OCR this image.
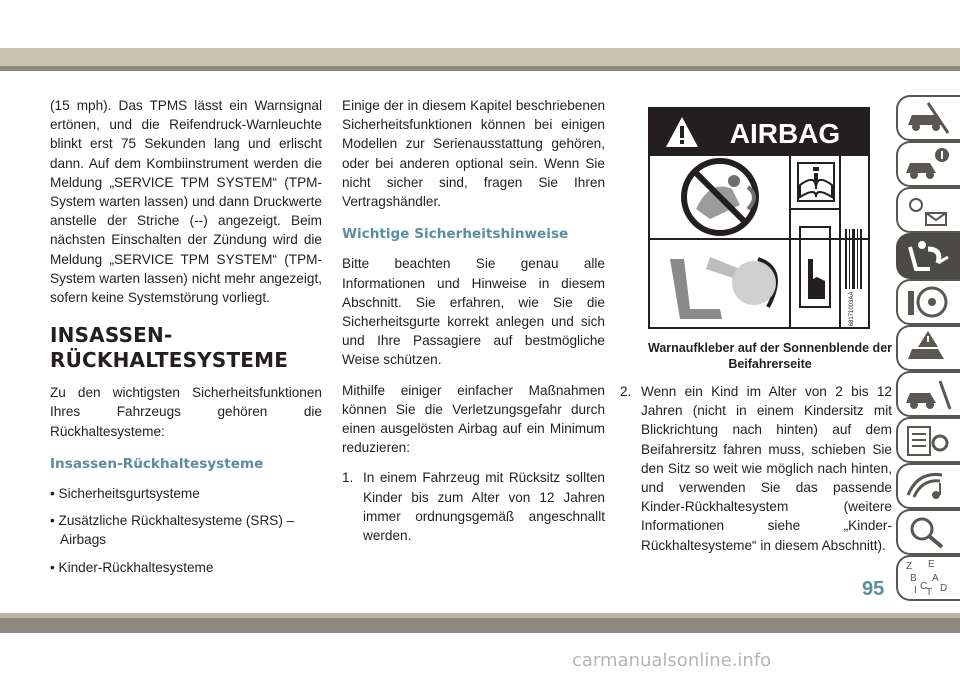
(15 mph). Das TPMS lässt ein Warnsignal ertönen, und die Reifendruck-Warnleuchte blinkt erst 75 Sekunden lang und erlischt dann. Auf dem Kombiinstrument werden die Meldung „SERVICE TPM SYSTEM“ (TPM-System warten lassen) und dann Druckwerte anstelle der Striche (--) angezeigt. Beim nächsten Einschalten der Zündung wird die Meldung „SERVICE TPM SYSTEM“ (TPM-System warten lassen) nicht mehr angezeigt, sofern keine Systemstörung vorliegt.

INSASSEN-
RÜCKHALTESYSTEME

Zu den wichtigsten Sicherheitsfunktionen Ihres Fahrzeugs gehören die Rückhaltesysteme:

Insassen-Rückhaltesysteme
• Sicherheitsgurtsysteme
• Zusätzliche Rückhaltesysteme (SRS) – Airbags
• Kinder-Rückhaltesysteme

Einige der in diesem Kapitel beschriebenen Sicherheitsfunktionen können bei einigen Modellen zur Serienausstattung gehören, oder bei anderen optional sein. Wenn Sie nicht sicher sind, fragen Sie Ihren Vertragshändler.

Wichtige Sicherheitshinweise

Bitte beachten Sie genau alle Informationen und Hinweise in diesem Abschnitt. Sie erfahren, wie Sie die Sicherheitsgurte korrekt anlegen und sich und Ihre Passagiere auf bestmögliche Weise schützen.

Mithilfe einiger einfacher Maßnahmen können Sie die Verletzungsgefahr durch einen ausgelösten Airbag auf ein Minimum reduzieren:

1. In einem Fahrzeug mit Rücksitz sollten Kinder bis zum Alter von 12 Jahren immer ordnungsgemäß angeschnallt werden.
AIRBAG
68171003AA
Warnaufkleber auf der Sonnenblende der
Beifahrerseite
2. Wenn ein Kind im Alter von 2 bis 12 Jahren (nicht in einem Kindersitz mit Blickrichtung nach hinten) auf dem Beifahrersitz fahren muss, schieben Sie den Sitz so weit wie möglich nach hinten, und verwenden Sie das passende Kinder-Rückhaltesystem (weitere Informationen siehe „Kinder-Rückhaltesysteme“ in diesem Abschnitt).
Z E
B A
I C
T D
95
carmanualsonline.info
